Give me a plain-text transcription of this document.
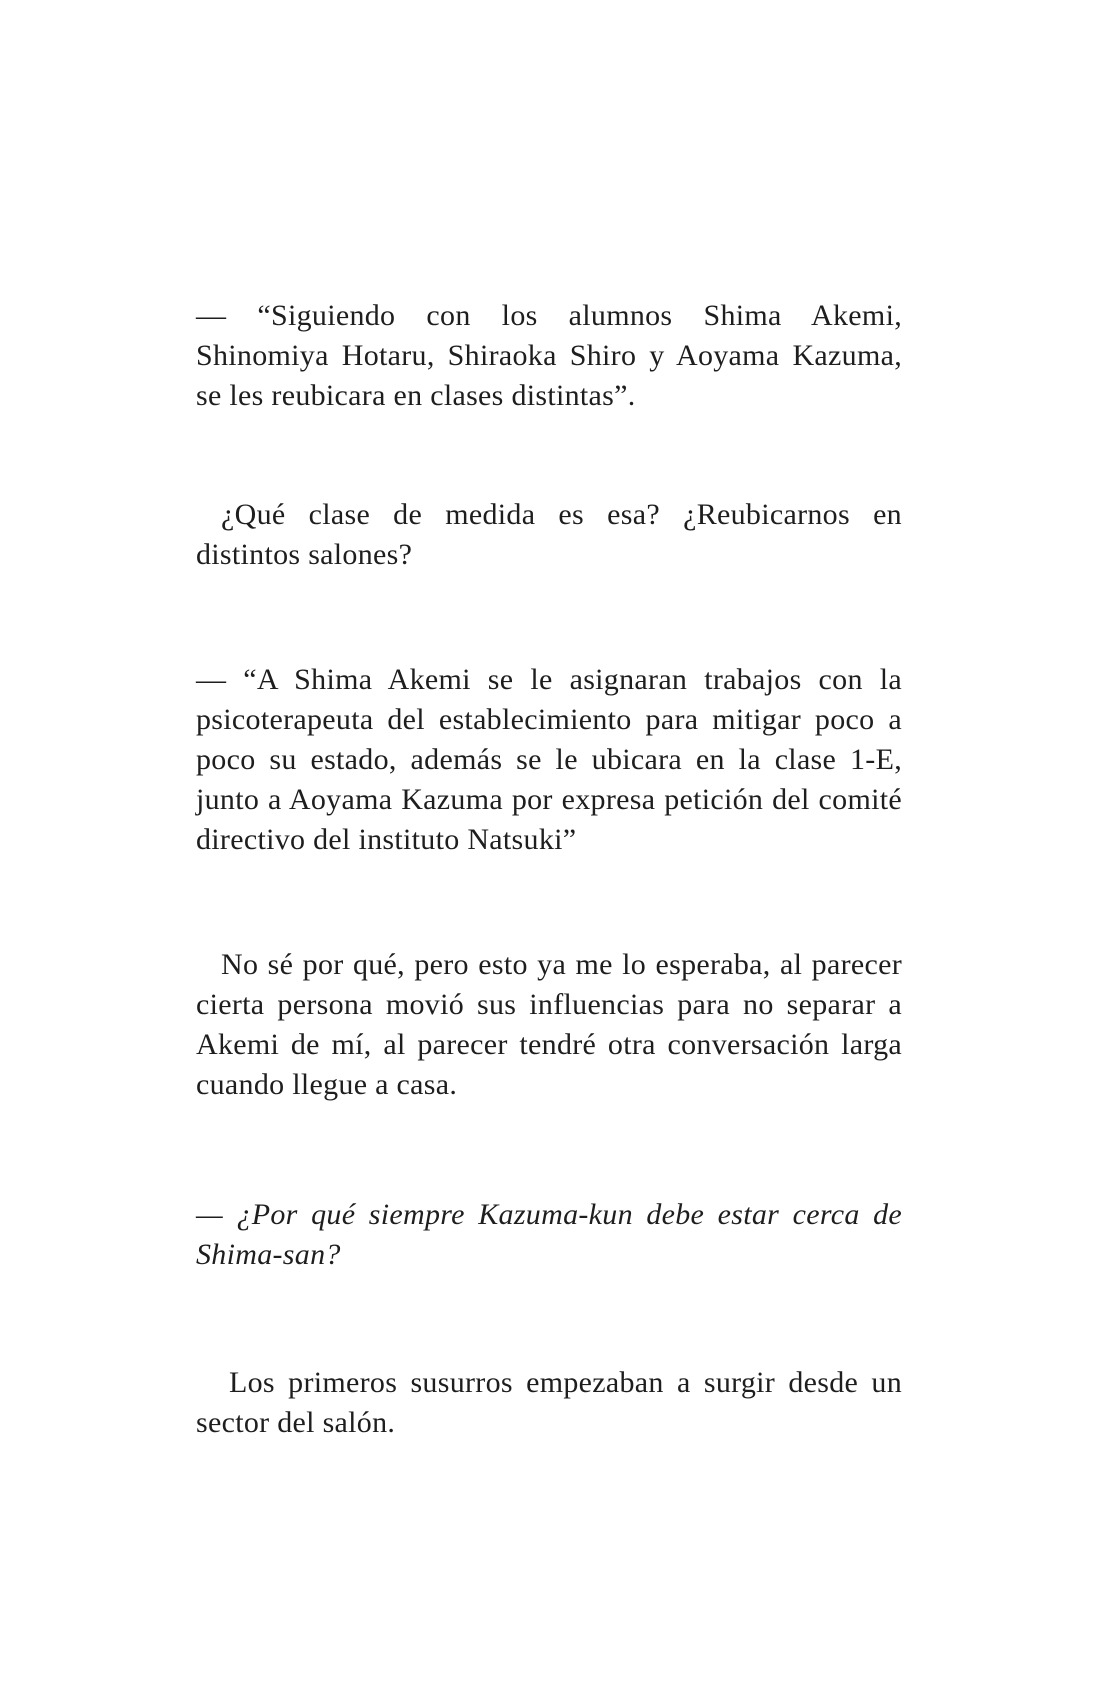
— “Siguiendo con los alumnos Shima Akemi, Shinomiya Hotaru, Shiraoka Shiro y Aoyama Kazuma, se les reubicara en clases distintas”.

¿Qué clase de medida es esa? ¿Reubicarnos en distintos salones?

— “A Shima Akemi se le asignaran trabajos con la psicoterapeuta del establecimiento para mitigar poco a poco su estado, además se le ubicara en la clase 1-E, junto a Aoyama Kazuma por expresa petición del comité directivo del instituto Natsuki”

No sé por qué, pero esto ya me lo esperaba, al parecer cierta persona movió sus influencias para no separar a Akemi de mí, al parecer tendré otra conversación larga cuando llegue a casa.

— ¿Por qué siempre Kazuma-kun debe estar cerca de Shima-san?

Los primeros susurros empezaban a surgir desde un sector del salón.
